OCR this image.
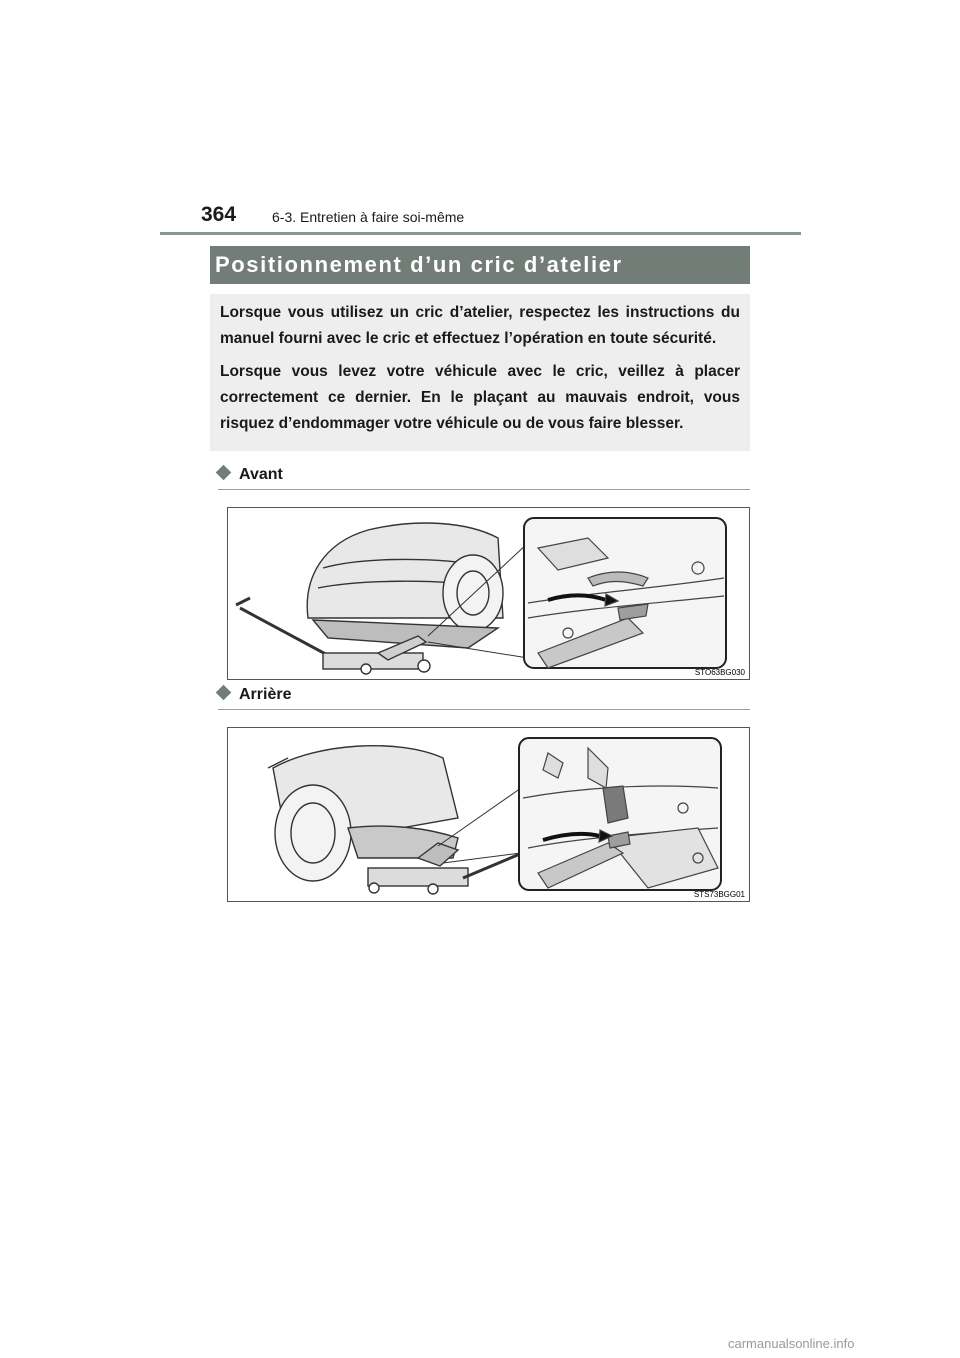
364	6-3. Entretien à faire soi-même
Positionnement d’un cric d’atelier

Lorsque vous utilisez un cric d’atelier, respectez les instructions du manuel fourni avec le cric et effectuez l’opération en toute sécurité.

Lorsque vous levez votre véhicule avec le cric, veillez à placer correctement ce dernier. En le plaçant au mauvais endroit, vous risquez d’endommager votre véhicule ou de vous faire blesser.

Avant
STO63BG030
Arrière
STS73BGG01
carmanualsonline.info
